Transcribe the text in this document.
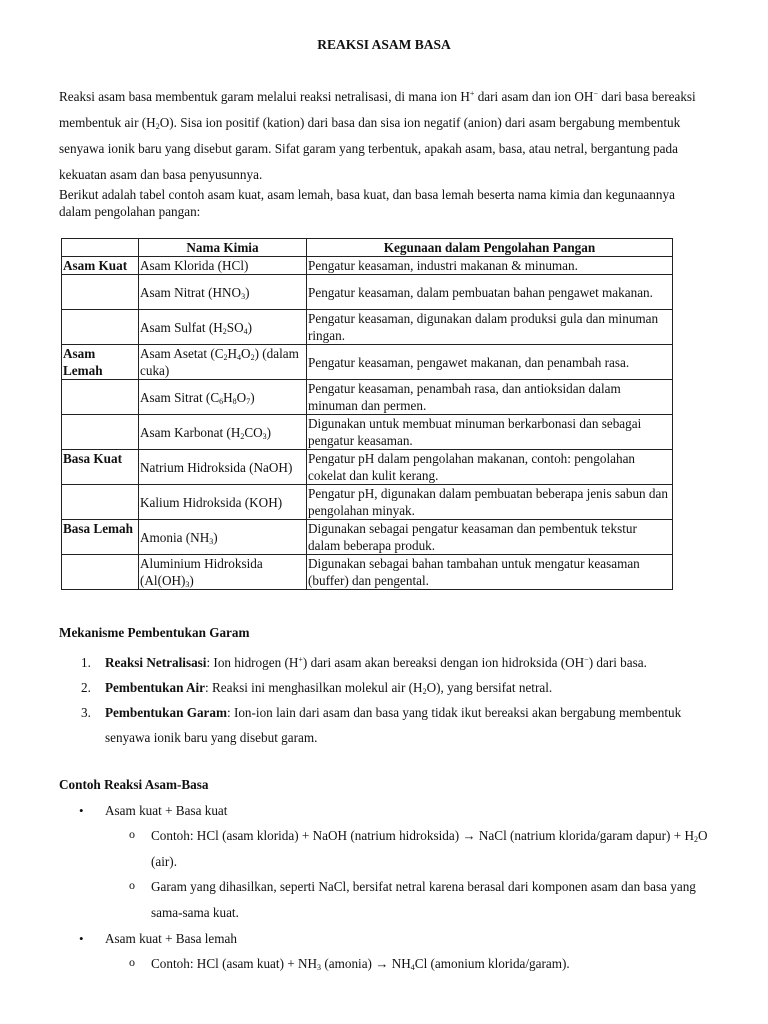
REAKSI ASAM BASA
Reaksi asam basa membentuk garam melalui reaksi netralisasi, di mana ion H+ dari asam dan ion OH− dari basa bereaksi membentuk air $(H_2O)$. Sisa ion positif (kation) dari basa dan sisa ion negatif (anion) dari asam bergabung membentuk senyawa ionik baru yang disebut garam. Sifat garam yang terbentuk, apakah asam, basa, atau netral, bergantung pada kekuatan asam dan basa penyusunnya.
Berikut adalah tabel contoh asam kuat, asam lemah, basa kuat, dan basa lemah beserta nama kimia dan kegunaannya dalam pengolahan pangan:
	Nama Kimia	Kegunaan dalam Pengolahan Pangan
Asam Kuat	Asam Klorida (HCl)	Pengatur keasaman, industri makanan & minuman.
	Asam Nitrat $(HNO_3)$	Pengatur keasaman, dalam pembuatan bahan pengawet makanan.
	Asam Sulfat $(H_2SO_4)$	Pengatur keasaman, digunakan dalam produksi gula dan minuman ringan.
Asam Lemah	Asam Asetat $(C_2H_4O_2)$ (dalam cuka)	Pengatur keasaman, pengawet makanan, dan penambah rasa.
	Asam Sitrat $(C_6H_8O_7)$	Pengatur keasaman, penambah rasa, dan antioksidan dalam minuman dan permen.
	Asam Karbonat $(H_2CO_3)$	Digunakan untuk membuat minuman berkarbonasi dan sebagai pengatur keasaman.
Basa Kuat	Natrium Hidroksida (NaOH)	Pengatur pH dalam pengolahan makanan, contoh: pengolahan cokelat dan kulit kerang.
	Kalium Hidroksida (KOH)	Pengatur pH, digunakan dalam pembuatan beberapa jenis sabun dan pengolahan minyak.
Basa Lemah	Amonia $(NH_3)$	Digunakan sebagai pengatur keasaman dan pembentuk tekstur dalam beberapa produk.
	Aluminium Hidroksida $(Al(OH)_3)$	Digunakan sebagai bahan tambahan untuk mengatur keasaman (buffer) dan pengental.
Mekanisme Pembentukan Garam
1. Reaksi Netralisasi: Ion hidrogen (H+) dari asam akan bereaksi dengan ion hidroksida (OH−) dari basa.
2. Pembentukan Air: Reaksi ini menghasilkan molekul air $(H_2O)$, yang bersifat netral.
3. Pembentukan Garam: Ion-ion lain dari asam dan basa yang tidak ikut bereaksi akan bergabung membentuk senyawa ionik baru yang disebut garam.
Contoh Reaksi Asam-Basa
• Asam kuat + Basa kuat
o Contoh: HCl (asam klorida) + NaOH (natrium hidroksida) → NaCl (natrium klorida/garam dapur) + $H_2O$ (air).
o Garam yang dihasilkan, seperti NaCl, bersifat netral karena berasal dari komponen asam dan basa yang sama-sama kuat.
• Asam kuat + Basa lemah
o Contoh: HCl (asam kuat) + $NH_3$ (amonia) → $NH_4Cl$ (amonium klorida/garam).
